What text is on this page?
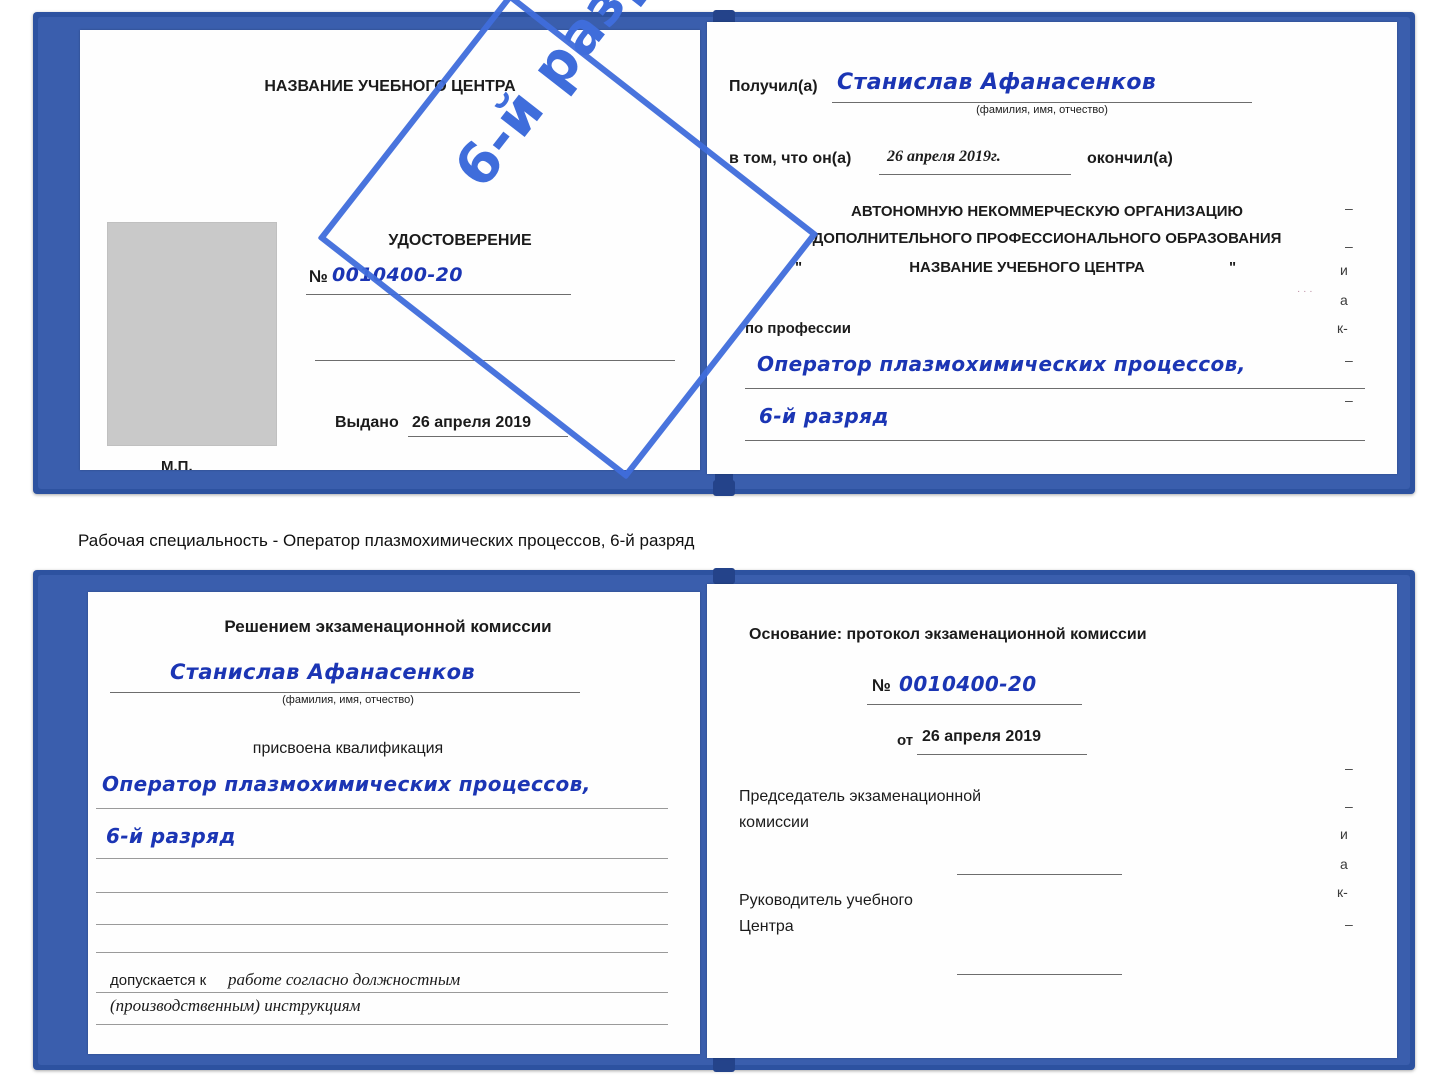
НАЗВАНИЕ УЧЕБНОГО ЦЕНТРА
УДОСТОВЕРЕНИЕ
№ 0010400-20
Выдано 26 апреля 2019
М.П.
Получил(а) Станислав Афанасенков
(фамилия, имя, отчество)
в том, что он(а) 26 апреля 2019г.	окончил(а)
АВТОНОМНУЮ НЕКОММЕРЧЕСКУЮ ОРГАНИЗАЦИЮ
ДОПОЛНИТЕЛЬНОГО ПРОФЕССИОНАЛЬНОГО ОБРАЗОВАНИЯ
"	НАЗВАНИЕ УЧЕБНОГО ЦЕНТРА	"
по профессии
Оператор плазмохимических процессов,
6-й разряд
6-й
–
–
· · ·
и
а
к-
–
–
Рабочая специальность - Оператор плазмохимических процессов, 6-й разряд
Решением экзаменационной комиссии
Станислав Афанасенков
(фамилия, имя, отчество)
присвоена квалификация
Оператор плазмохимических процессов,
6-й разряд
допускается к работе согласно должностным
(производственным) инструкциям
Основание: протокол экзаменационной комиссии
№ 0010400-20
от 26 апреля 2019
Председатель экзаменационной
комиссии
Руководитель учебного
Центра
–
–
и
а
к-
–
